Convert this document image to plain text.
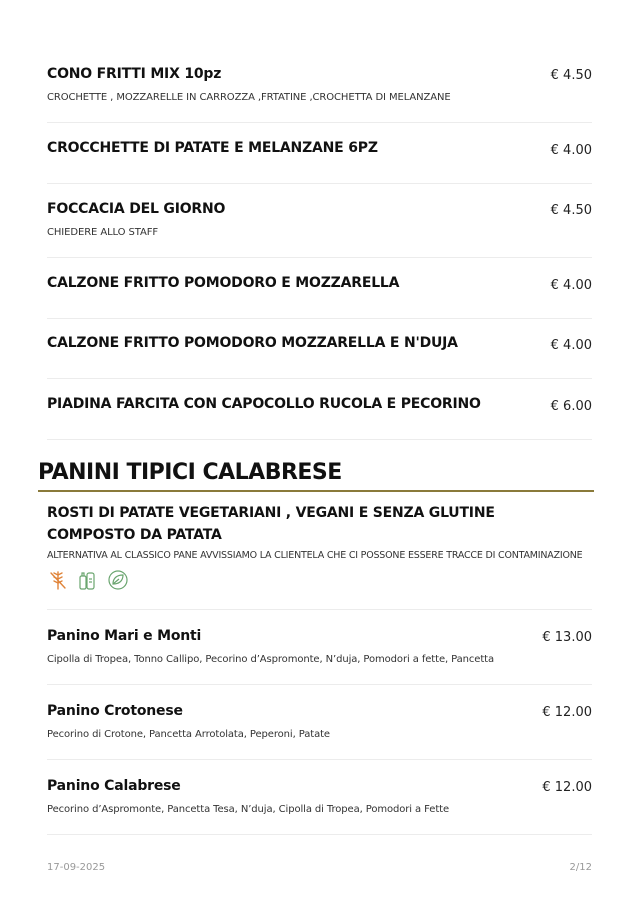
CONO FRITTI MIX 10pz
CROCHETTE , MOZZARELLE IN CARROZZA ,FRTATINE ,CROCHETTA DI MELANZANE
€ 4.50
CROCCHETTE DI PATATE E MELANZANE 6PZ	€ 4.00
FOCCACIA DEL GIORNO
CHIEDERE ALLO STAFF
€ 4.50
CALZONE FRITTO POMODORO E MOZZARELLA	€ 4.00
CALZONE FRITTO POMODORO MOZZARELLA E N'DUJA	€ 4.00
PIADINA FARCITA CON CAPOCOLLO RUCOLA E PECORINO	€ 6.00
PANINI TIPICI CALABRESE
ROSTI DI PATATE VEGETARIANI , VEGANI E SENZA GLUTINE COMPOSTO DA PATATA
ALTERNATIVA AL CLASSICO PANE AVVISSIAMO LA CLIENTELA CHE CI POSSONE ESSERE TRACCE DI CONTAMINAZIONE
Panino Mari e Monti
Cipolla di Tropea, Tonno Callipo, Pecorino d’Aspromonte, N’duja, Pomodori a fette, Pancetta
€ 13.00
Panino Crotonese
Pecorino di Crotone, Pancetta Arrotolata, Peperoni, Patate
€ 12.00
Panino Calabrese
Pecorino d’Aspromonte, Pancetta Tesa, N’duja, Cipolla di Tropea, Pomodori a Fette
€ 12.00
17-09-2025	2/12
